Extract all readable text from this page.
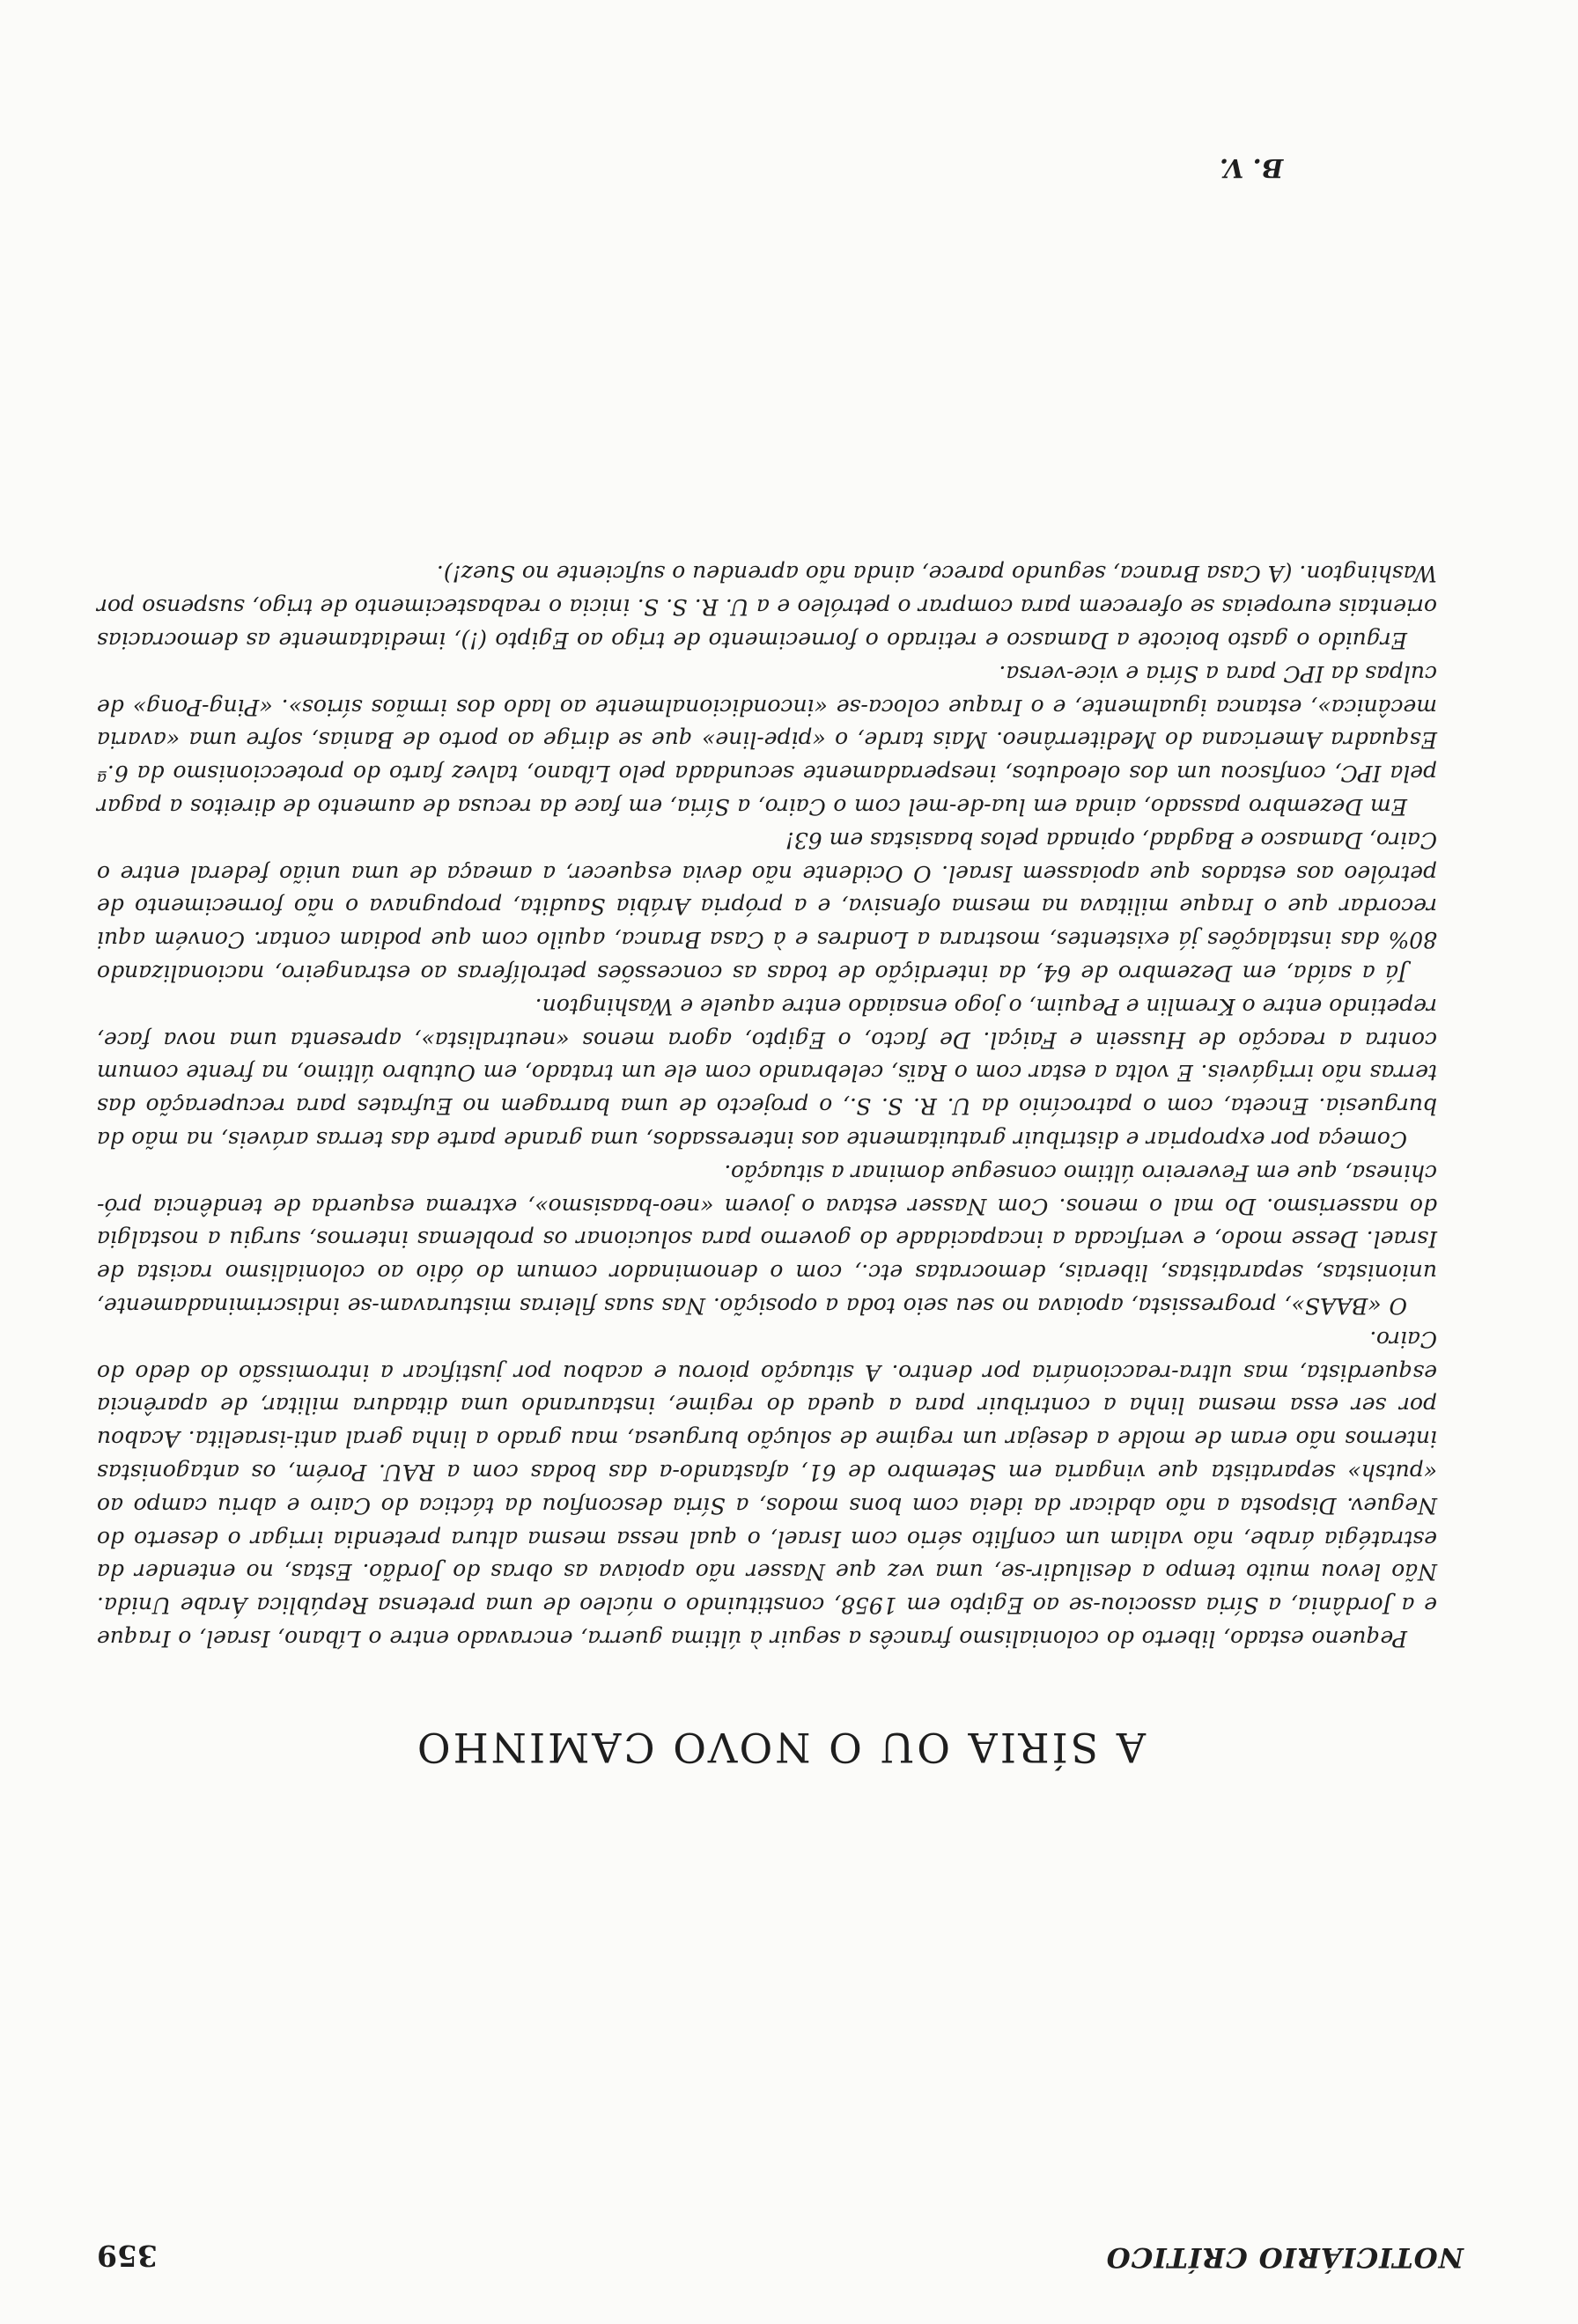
NOTICIÁRIO CRÍTICO
359
A SÍRIA OU O NOVO CAMINHO

Pequeno estado, liberto do colonialismo francês a seguir à última guerra, encravado entre o Líbano, Israel, o Iraque e a Jordânia, a Síria associou-se ao Egipto em 1958, constituindo o núcleo de uma pretensa República Árabe Unida. Não levou muito tempo a desiludir-se, uma vez que Nasser não apoiava as obras do Jordão. Estas, no entender da estratégia árabe, não valiam um conflito sério com Israel, o qual nessa mesma altura pretendia irrigar o deserto do Neguev. Disposta a não abdicar da ideia com bons modos, a Síria desconfiou da táctica do Cairo e abriu campo ao «putsh» separatista que vingaria em Setembro de 61, afastando-a das bodas com a RAU. Porém, os antagonistas internos não eram de molde a desejar um regime de solução burguesa, mau grado a linha geral anti-israelita. Acabou por ser essa mesma linha a contribuir para a queda do regime, instaurando uma ditadura militar, de aparência esquerdista, mas ultra-reaccionária por dentro. A situação piorou e acabou por justificar a intromissão do dedo do Cairo.

O «BAAS», progressista, apoiava no seu seio toda a oposição. Nas suas fileiras misturavam-se indiscriminadamente, unionistas, separatistas, liberais, democratas etc., com o denominador comum do ódio ao colonialismo racista de Israel. Desse modo, e verificada a incapacidade do governo para solucionar os problemas internos, surgiu a nostalgia do nasserismo. Do mal o menos. Com Nasser estava o jovem «neo-baasismo», extrema esquerda de tendência pró-chinesa, que em Fevereiro último consegue dominar a situação.

Começa por expropriar e distribuir gratuitamente aos interessados, uma grande parte das terras aráveis, na mão da burguesia. Enceta, com o patrocínio da U. R. S. S., o projecto de uma barragem no Eufrates para recuperação das terras não irrigáveis. E volta a estar com o Raïs, celebrando com ele um tratado, em Outubro último, na frente comum contra a reacção de Hussein e Faiçal. De facto, o Egipto, agora menos «neutralista», apresenta uma nova face, repetindo entre o Kremlin e Pequim, o jogo ensaiado entre aquele e Washington.

Já a saída, em Dezembro de 64, da interdição de todas as concessões petrolíferas ao estrangeiro, nacionalizando 80% das instalações já existentes, mostrara a Londres e à Casa Branca, aquilo com que podiam contar. Convém aqui recordar que o Iraque militava na mesma ofensiva, e a própria Arábia Saudita, propugnava o não fornecimento de petróleo aos estados que apoiassem Israel. O Ocidente não devia esquecer, a ameaça de uma união federal entre o Cairo, Damasco e Bagdad, opinada pelos baasistas em 63!

Em Dezembro passado, ainda em lua-de-mel com o Cairo, a Síria, em face da recusa de aumento de direitos a pagar pela IPC, confiscou um dos oleodutos, inesperadamente secundada pelo Líbano, talvez farto do proteccionismo da 6.ª Esquadra Americana do Mediterrâneo. Mais tarde, o «pipe-line» que se dirige ao porto de Banias, sofre uma «avaria mecânica», estanca igualmente, e o Iraque coloca-se «incondicionalmente ao lado dos irmãos sírios». «Ping-Pong» de culpas da IPC para a Síria e vice-versa.

Erguido o gasto boicote a Damasco e retirado o fornecimento de trigo ao Egipto (!), imediatamente as democracias orientais europeias se oferecem para comprar o petróleo e a U. R. S. S. inicia o reabastecimento de trigo, suspenso por Washington. (A Casa Branca, segundo parece, ainda não aprendeu o suficiente no Suez!).

B. V.
